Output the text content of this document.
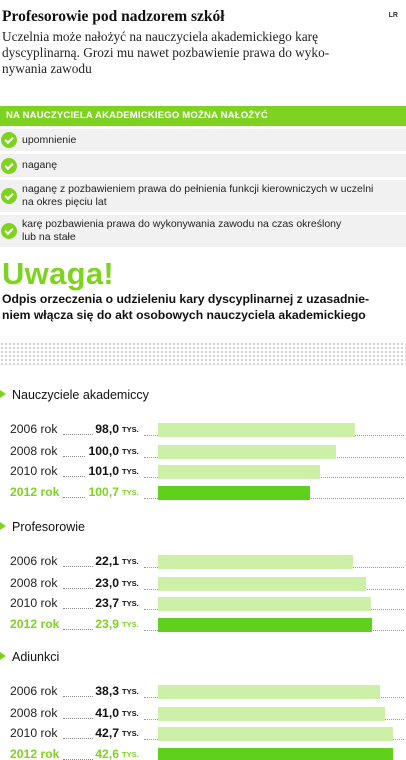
LR
Profesorowie pod nadzorem szkół
Uczelnia może nałożyć na nauczyciela akademickiego karę
dyscyplinarną. Grozi mu nawet pozbawienie prawa do wyko-
nywania zawodu
NA NAUCZYCIELA AKADEMICKIEGO MOŻNA NAŁOŻYĆ
upomnienie
naganę
naganę z pozbawieniem prawa do pełnienia funkcji kierowniczych w uczelni
na okres pięciu lat
karę pozbawienia prawa do wykonywania zawodu na czas określony
lub na stałe
Uwaga!
Odpis orzeczenia o udzieleniu kary dyscyplinarnej z uzasadnie-
niem włącza się do akt osobowych nauczyciela akademickiego
Nauczyciele akademiccy
2006 rok	98,0 TYS.
2008 rok	100,0 TYS.
2010 rok	101,0 TYS.
2012 rok	100,7 TYS.
Profesorowie
2006 rok	22,1 TYS.
2008 rok	23,0 TYS.
2010 rok	23,7 TYS.
2012 rok	23,9 TYS.
Adiunkci
2006 rok	38,3 TYS.
2008 rok	41,0 TYS.
2010 rok	42,7 TYS.
2012 rok	42,6 TYS.
